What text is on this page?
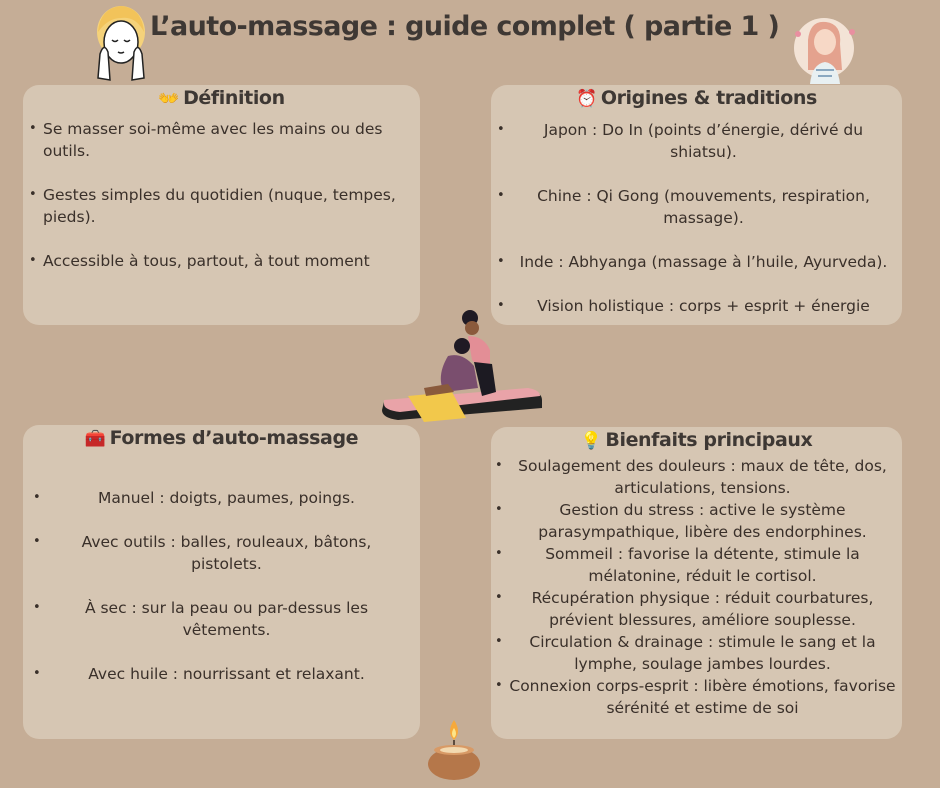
L’auto-massage : guide complet ( partie 1 )
👐 Définition
• Se masser soi-même avec les mains ou des outils.
• Gestes simples du quotidien (nuque, tempes, pieds).
• Accessible à tous, partout, à tout moment
⏰ Origines & traditions
• Japon : Do In (points d’énergie, dérivé du shiatsu).
• Chine : Qi Gong (mouvements, respiration, massage).
• Inde : Abhyanga (massage à l’huile, Ayurveda).
• Vision holistique : corps + esprit + énergie
🧰 Formes d’auto-massage
• Manuel : doigts, paumes, poings.
• Avec outils : balles, rouleaux, bâtons, pistolets.
• À sec : sur la peau ou par-dessus les vêtements.
• Avec huile : nourrissant et relaxant.
💡 Bienfaits principaux
• Soulagement des douleurs : maux de tête, dos, articulations, tensions.
• Gestion du stress : active le système parasympathique, libère des endorphines.
• Sommeil : favorise la détente, stimule la mélatonine, réduit le cortisol.
• Récupération physique : réduit courbatures, prévient blessures, améliore souplesse.
• Circulation & drainage : stimule le sang et la lymphe, soulage jambes lourdes.
• Connexion corps-esprit : libère émotions, favorise sérénité et estime de soi
